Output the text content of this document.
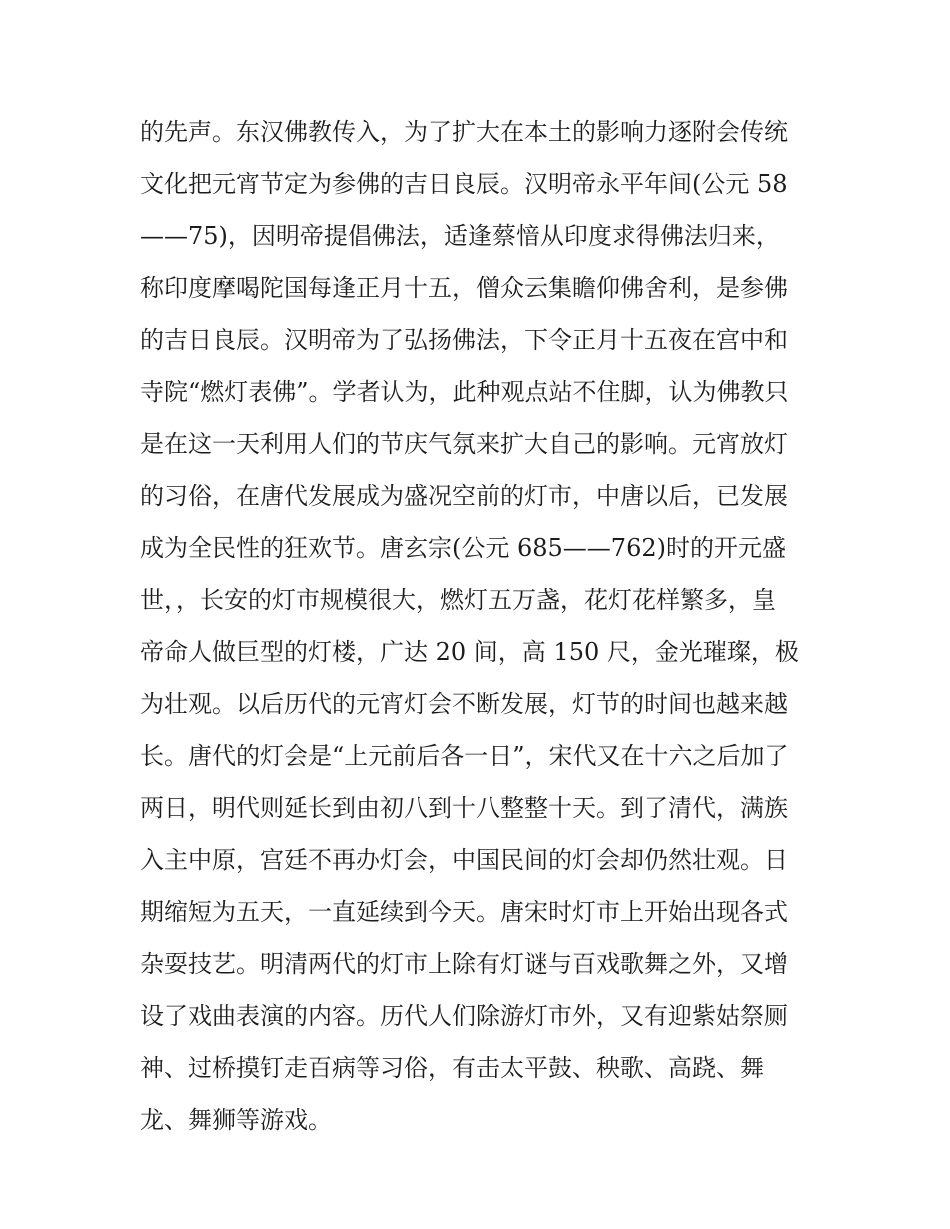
的先声。东汉佛教传入，为了扩大在本土的影响力逐附会传统
文化把元宵节定为参佛的吉日良辰。汉明帝永平年间(公元 58
——75)，因明帝提倡佛法，适逢蔡愔从印度求得佛法归来，
称印度摩喝陀国每逢正月十五，僧众云集瞻仰佛舍利，是参佛
的吉日良辰。汉明帝为了弘扬佛法，下令正月十五夜在宫中和
寺院“燃灯表佛”。学者认为，此种观点站不住脚，认为佛教只
是在这一天利用人们的节庆气氛来扩大自己的影响。元宵放灯
的习俗，在唐代发展成为盛况空前的灯市，中唐以后，已发展
成为全民性的狂欢节。唐玄宗(公元 685——762)时的开元盛
世，，长安的灯市规模很大，燃灯五万盏，花灯花样繁多，皇
帝命人做巨型的灯楼，广达 20 间，高 150 尺，金光璀璨，极
为壮观。以后历代的元宵灯会不断发展，灯节的时间也越来越
长。唐代的灯会是“上元前后各一日”，宋代又在十六之后加了
两日，明代则延长到由初八到十八整整十天。到了清代，满族
入主中原，宫廷不再办灯会，中国民间的灯会却仍然壮观。日
期缩短为五天，一直延续到今天。唐宋时灯市上开始出现各式
杂耍技艺。明清两代的灯市上除有灯谜与百戏歌舞之外，又增
设了戏曲表演的内容。历代人们除游灯市外，又有迎紫姑祭厕
神、过桥摸钉走百病等习俗，有击太平鼓、秧歌、高跷、舞
龙、舞狮等游戏。
